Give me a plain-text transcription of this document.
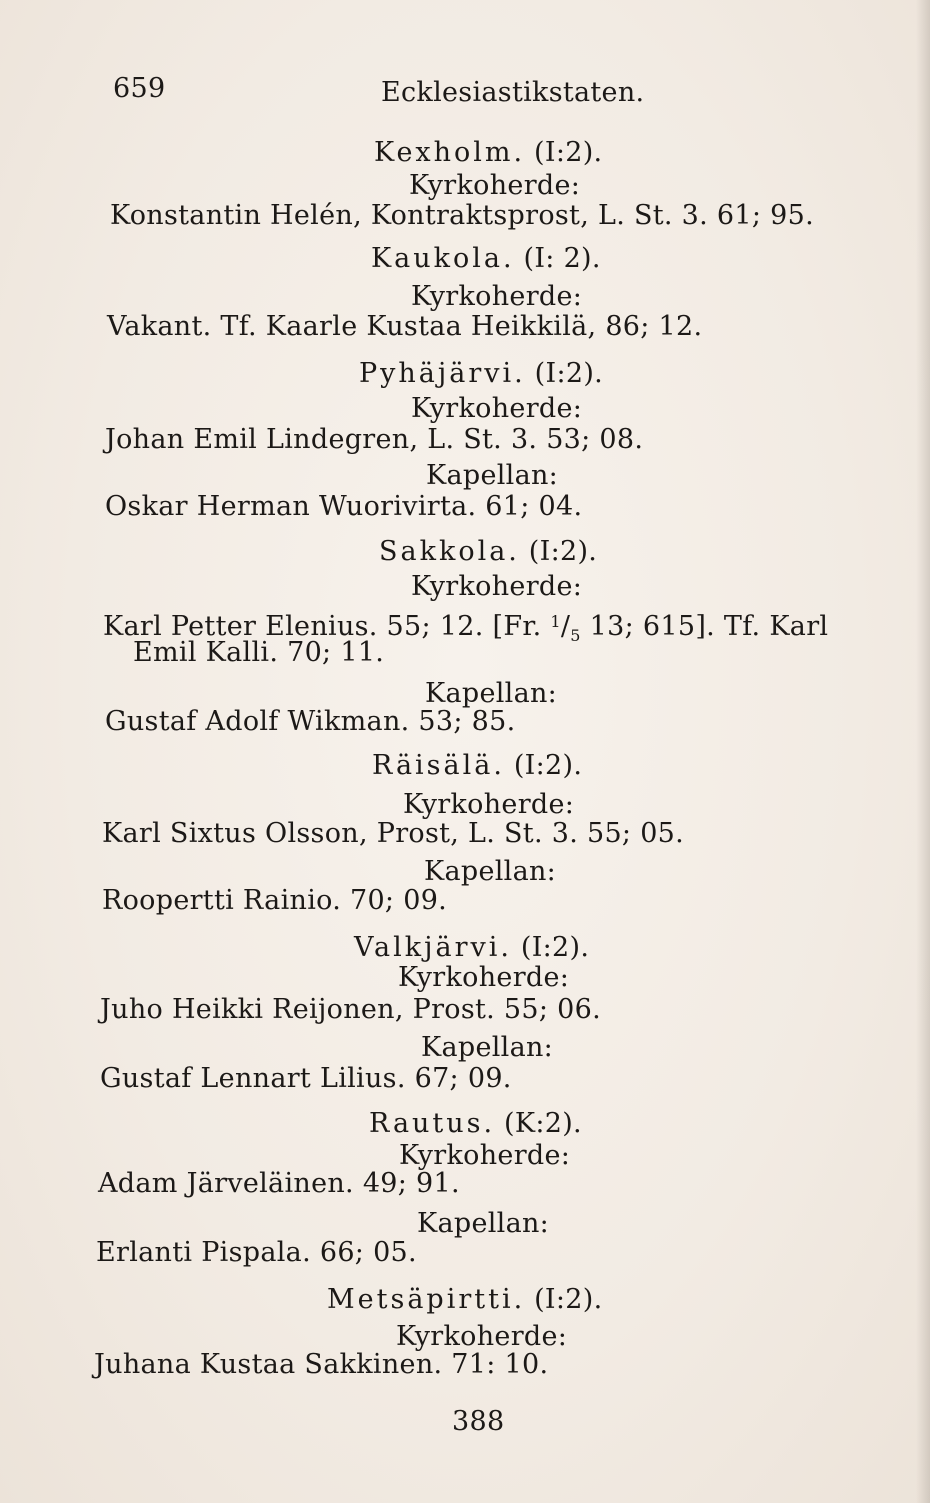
659	Ecklesiastikstaten.
Kexholm. (I:2).
Kyrkoherde:
Konstantin Helén, Kontraktsprost, L. St. 3. 61; 95.
Kaukola. (I: 2).
Kyrkoherde:
Vakant. Tf. Kaarle Kustaa Heikkilä, 86; 12.
Pyhäjärvi. (I:2).
Kyrkoherde:
Johan Emil Lindegren, L. St. 3. 53; 08.
Kapellan:
Oskar Herman Wuorivirta. 61; 04.
Sakkola. (I:2).
Kyrkoherde:
Karl Petter Elenius. 55; 12. [Fr. $^1/_5$ 13; 615]. Tf. Karl
Emil Kalli. 70; 11.
Kapellan:
Gustaf Adolf Wikman. 53; 85.
Räisälä. (I:2).
Kyrkoherde:
Karl Sixtus Olsson, Prost, L. St. 3. 55; 05.
Kapellan:
Roopertti Rainio. 70; 09.
Valkjärvi. (I:2).
Kyrkoherde:
Juho Heikki Reijonen, Prost. 55; 06.
Kapellan:
Gustaf Lennart Lilius. 67; 09.
Rautus. (K:2).
Kyrkoherde:
Adam Järveläinen. 49; 91.
Kapellan:
Erlanti Pispala. 66; 05.
Metsäpirtti. (I:2).
Kyrkoherde:
Juhana Kustaa Sakkinen. 71: 10.
388
